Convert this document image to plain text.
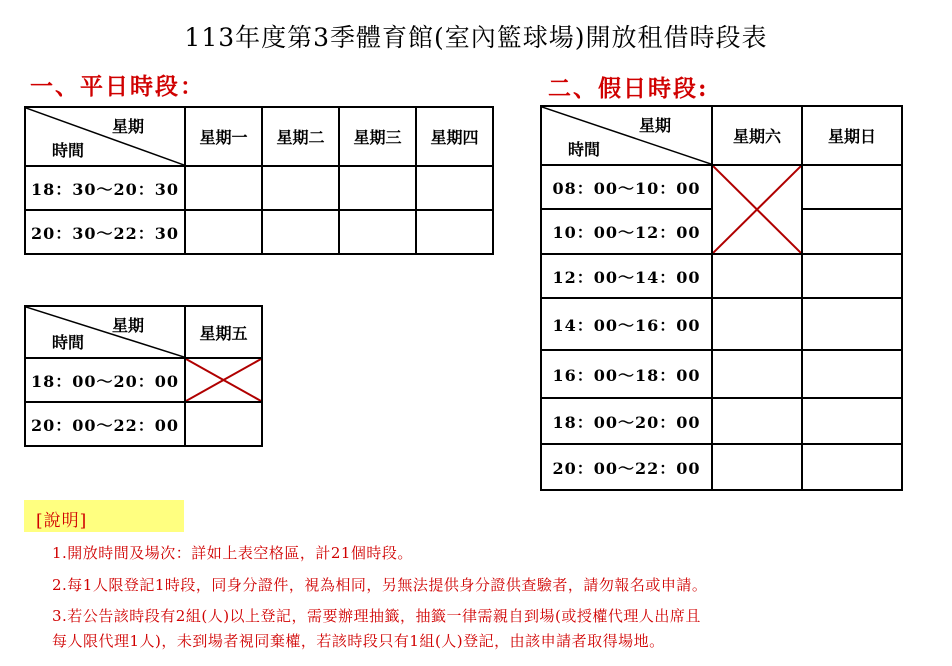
113年度第3季體育館(室內籃球場)開放租借時段表
一、平日時段：	二、假日時段:
星期
時間	星期一	星期二	星期三	星期四
18：30～20：30				
20：30～22：30				
星期
時間	星期五
18：00～20：00	

20：00～22：00	
星期
時間	星期六	星期日
08：00～10：00	

10：00～12：00		
12：00～14：00		
14：00～16：00		
16：00～18：00		
18：00～20：00		
20：00～22：00		
[說明]
1.開放時間及場次：詳如上表空格區，計21個時段。
2.每1人限登記1時段，同身分證件，視為相同，另無法提供身分證供查驗者，請勿報名或申請。
3.若公告該時段有2組(人)以上登記，需要辦理抽籤，抽籤一律需親自到場(或授權代理人出席且
每人限代理1人)，未到場者視同棄權，若該時段只有1組(人)登記，由該申請者取得場地。
